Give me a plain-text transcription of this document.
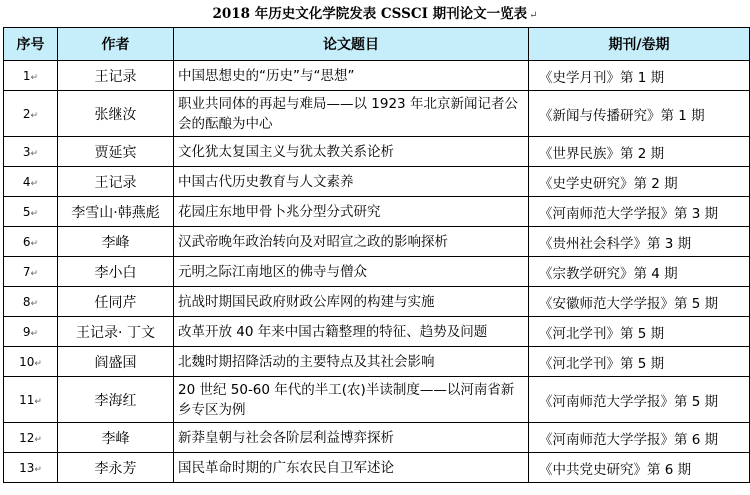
2018 年历史文化学院发表 CSSCI 期刊论文一览表 ↵
序号	作者	论文题目	期刊/卷期
1↵	王记录	中国思想史的“历史”与“思想”	《史学月刊》第 1 期
2↵	张继汝	职业共同体的再起与难局——以 1923 年北京新闻记者公会的酝酿为中心	《新闻与传播研究》第 1 期
3↵	贾延宾	文化犹太复国主义与犹太教关系论析	《世界民族》第 2 期
4↵	王记录	中国古代历史教育与人文素养	《史学史研究》第 2 期
5↵	李雪山·韩燕彪	花园庄东地甲骨卜兆分型分式研究	《河南师范大学学报》第 3 期
6↵	李峰	汉武帝晚年政治转向及对昭宣之政的影响探析	《贵州社会科学》第 3 期
7↵	李小白	元明之际江南地区的佛寺与僧众	《宗教学研究》第 4 期
8↵	任同芹	抗战时期国民政府财政公库网的构建与实施	《安徽师范大学学报》第 5 期
9↵	王记录· 丁文	改革开放 40 年来中国古籍整理的特征、趋势及问题	《河北学刊》第 5 期
10↵	阎盛国	北魏时期招降活动的主要特点及其社会影响	《河北学刊》第 5 期
11↵	李海红	20 世纪 50-60 年代的半工(农)半读制度——以河南省新乡专区为例	《河南师范大学学报》第 5 期
12↵	李峰	新莽皇朝与社会各阶层利益博弈探析	《河南师范大学学报》第 6 期
13↵	李永芳	国民革命时期的广东农民自卫军述论	《中共党史研究》第 6 期
